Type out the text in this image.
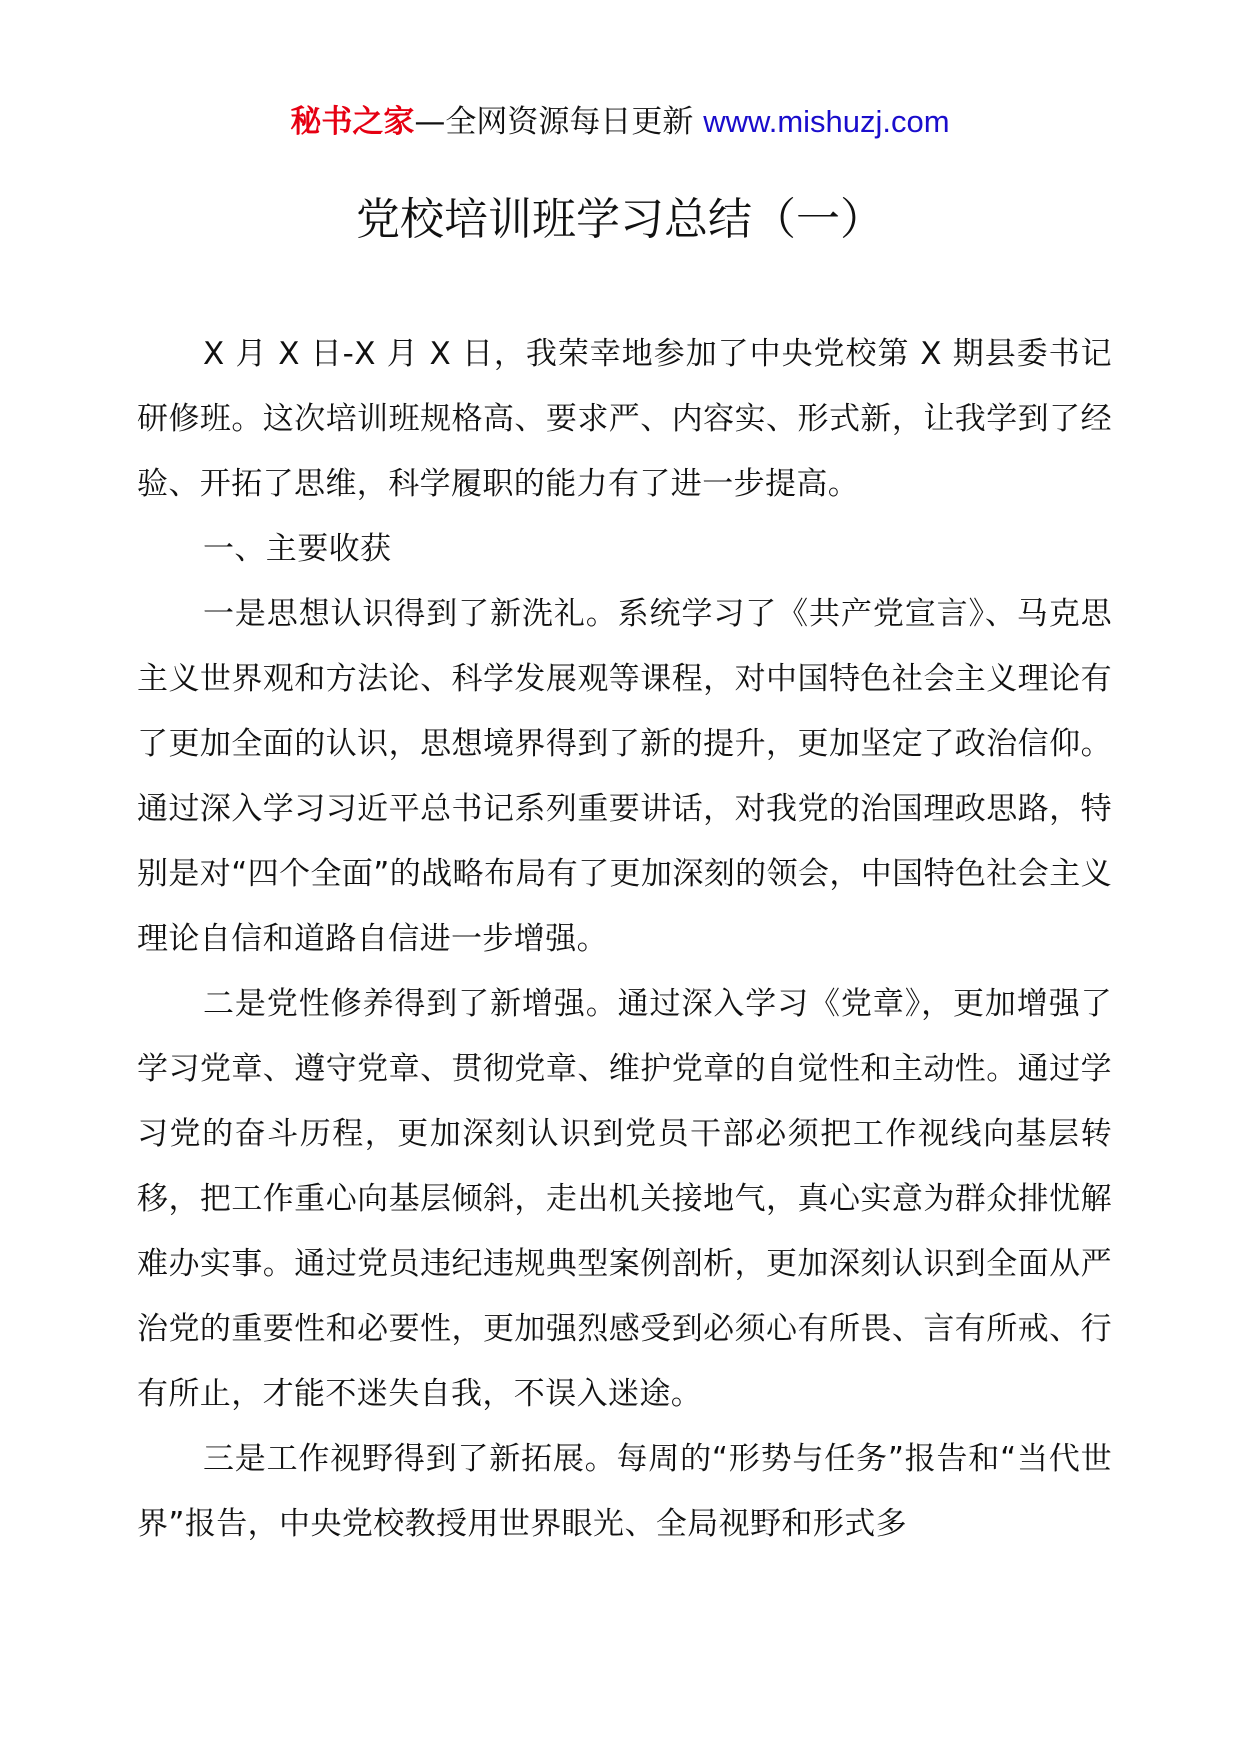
秘书之家—全网资源每日更新 www.mishuzj.com
党校培训班学习总结（一）

X 月 X 日-X 月 X 日，我荣幸地参加了中央党校第 X 期县委书记研修班。这次培训班规格高、要求严、内容实、形式新，让我学到了经验、开拓了思维，科学履职的能力有了进一步提高。

一、主要收获

一是思想认识得到了新洗礼。系统学习了《共产党宣言》、马克思主义世界观和方法论、科学发展观等课程，对中国特色社会主义理论有了更加全面的认识，思想境界得到了新的提升，更加坚定了政治信仰。通过深入学习习近平总书记系列重要讲话，对我党的治国理政思路，特别是对“四个全面”的战略布局有了更加深刻的领会，中国特色社会主义理论自信和道路自信进一步增强。

二是党性修养得到了新增强。通过深入学习《党章》，更加增强了学习党章、遵守党章、贯彻党章、维护党章的自觉性和主动性。通过学习党的奋斗历程，更加深刻认识到党员干部必须把工作视线向基层转移，把工作重心向基层倾斜，走出机关接地气，真心实意为群众排忧解难办实事。通过党员违纪违规典型案例剖析，更加深刻认识到全面从严治党的重要性和必要性，更加强烈感受到必须心有所畏、言有所戒、行有所止，才能不迷失自我，不误入迷途。

三是工作视野得到了新拓展。每周的“形势与任务”报告和“当代世界”报告，中央党校教授用世界眼光、全局视野和形式多
